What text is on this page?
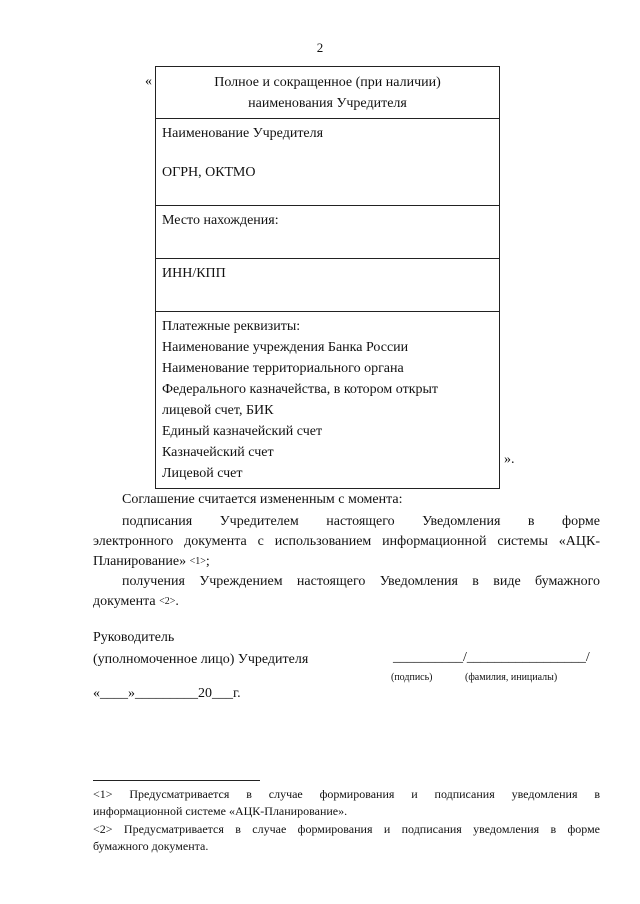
2
«	Полное и сокращенное (при наличии)
наименования Учредителя

Наименование Учредителя
ОГРН, ОКТМО

Место нахождения:

ИНН/КПП

Платежные реквизиты:
Наименование учреждения Банка России
Наименование территориального органа
Федерального казначейства, в котором открыт
лицевой счет, БИК
Единый казначейский счет
Казначейский счет
Лицевой счет
».
Соглашение считается измененным с момента:
подписания Учредителем настоящего Уведомления в форме
электронного документа с использованием информационной системы «АЦК-
Планирование» $^{<1>}$;
получения Учреждением настоящего Уведомления в виде бумажного
документа $^{<2>}$.
Руководитель
(уполномоченное лицо) Учредителя	__________/_________________/
(подпись)	(фамилия, инициалы)
«____»_________20___г.
<1> Предусматривается в случае формирования и подписания уведомления в
информационной системе «АЦК-Планирование».
<2> Предусматривается в случае формирования и подписания уведомления в форме
бумажного документа.
